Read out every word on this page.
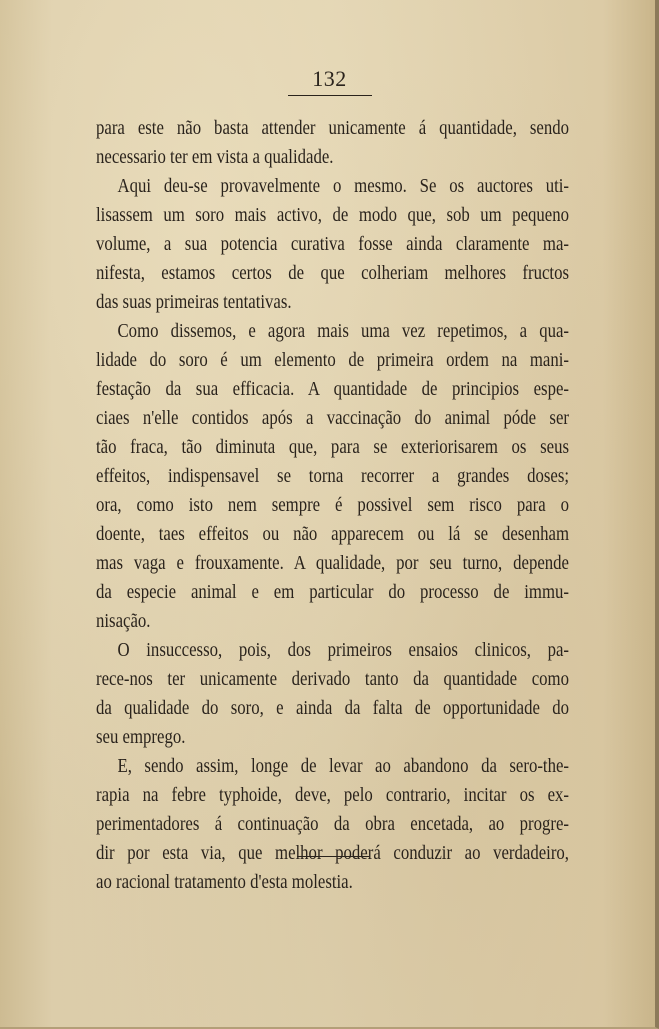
132
para este não basta attender unicamente á quantidade, sendo
necessario ter em vista a qualidade.
Aqui deu-se provavelmente o mesmo. Se os auctores uti-
lisassem um soro mais activo, de modo que, sob um pequeno
volume, a sua potencia curativa fosse ainda claramente ma-
nifesta, estamos certos de que colheriam melhores fructos
das suas primeiras tentativas.
Como dissemos, e agora mais uma vez repetimos, a qua-
lidade do soro é um elemento de primeira ordem na mani-
festação da sua efficacia. A quantidade de principios espe-
ciaes n'elle contidos após a vaccinação do animal póde ser
tão fraca, tão diminuta que, para se exteriorisarem os seus
effeitos, indispensavel se torna recorrer a grandes doses;
ora, como isto nem sempre é possivel sem risco para o
doente, taes effeitos ou não apparecem ou lá se desenham
mas vaga e frouxamente. A qualidade, por seu turno, depende
da especie animal e em particular do processo de immu-
nisação.
O insuccesso, pois, dos primeiros ensaios clinicos, pa-
rece-nos ter unicamente derivado tanto da quantidade como
da qualidade do soro, e ainda da falta de opportunidade do
seu emprego.
E, sendo assim, longe de levar ao abandono da sero-the-
rapia na febre typhoide, deve, pelo contrario, incitar os ex-
perimentadores á continuação da obra encetada, ao progre-
dir por esta via, que melhor poderá conduzir ao verdadeiro,
ao racional tratamento d'esta molestia.
